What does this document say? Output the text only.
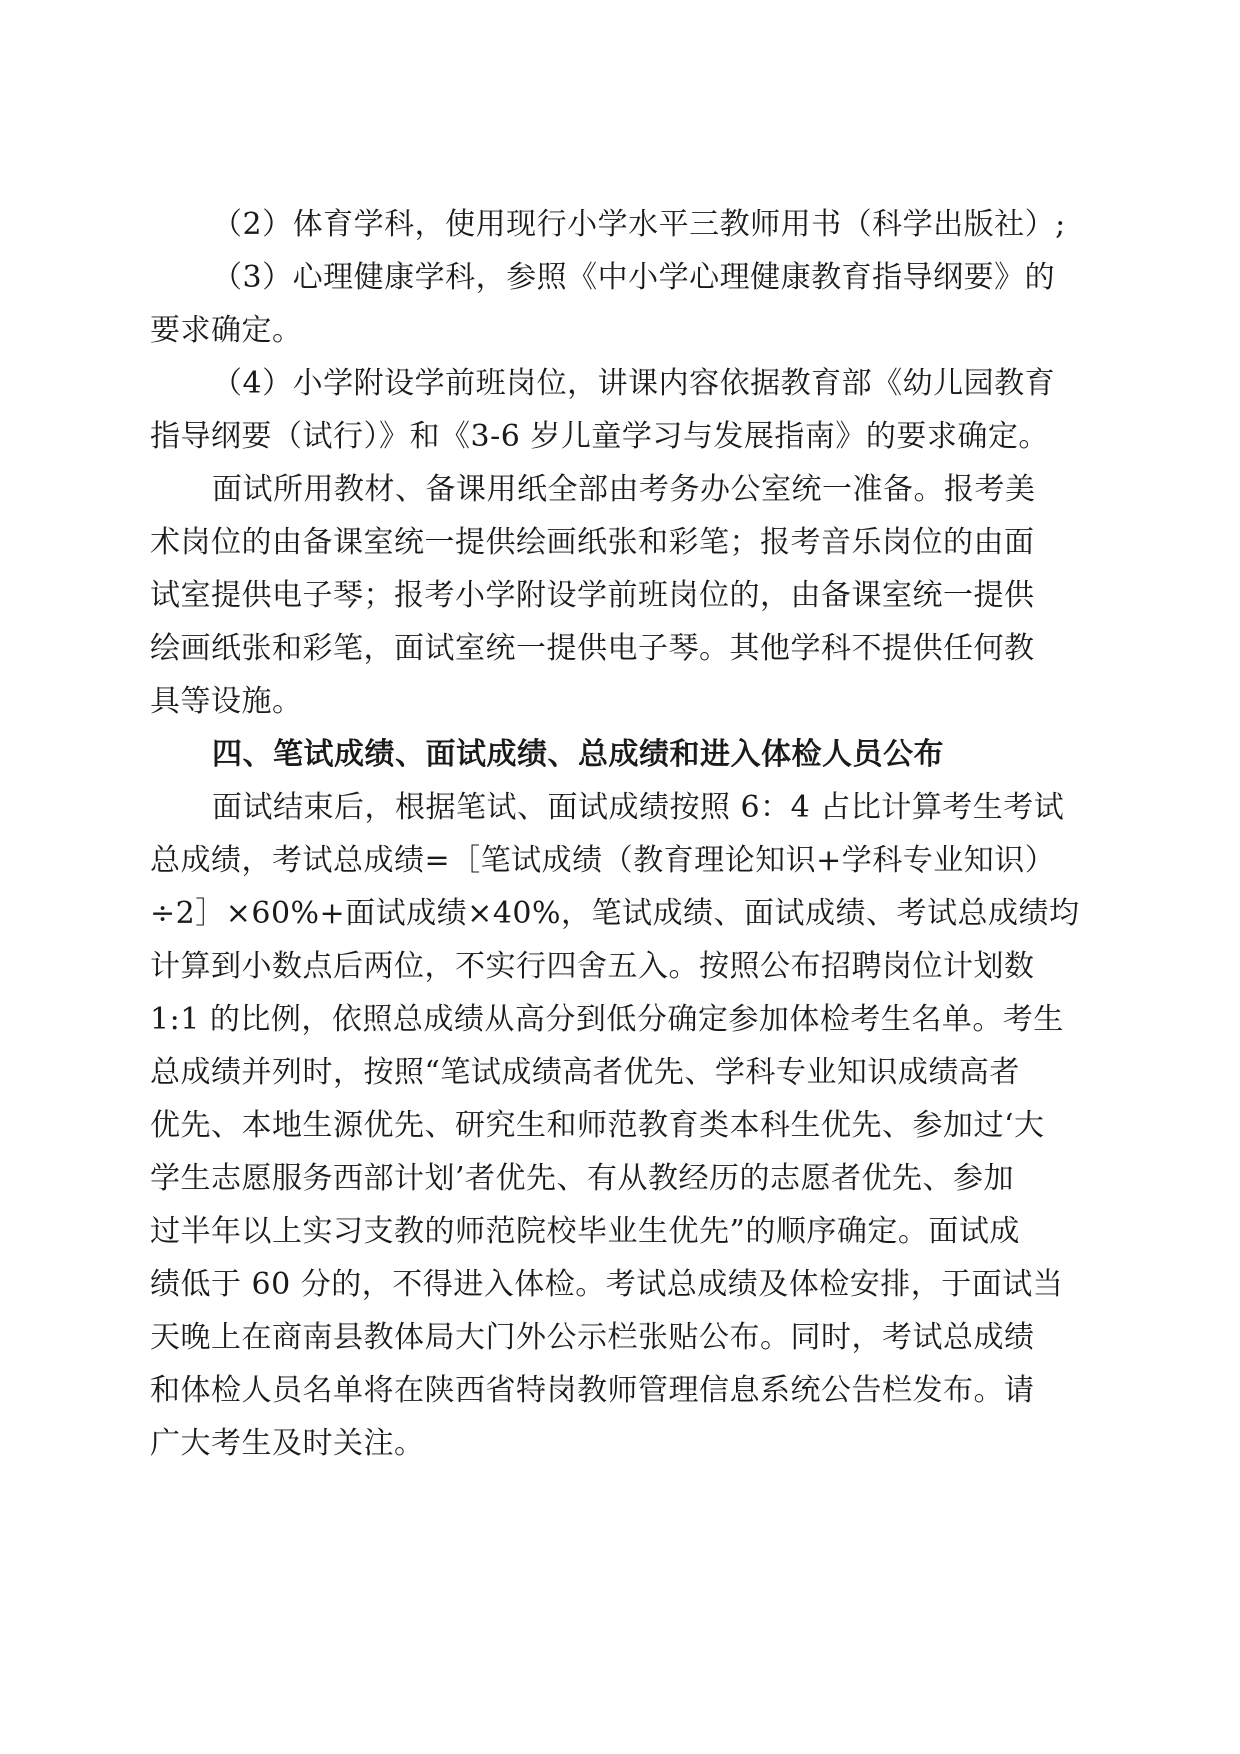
（2）体育学科，使用现行小学水平三教师用书（科学出版社）;
（3）心理健康学科，参照《中小学心理健康教育指导纲要》的
要求确定。
（4）小学附设学前班岗位，讲课内容依据教育部《幼儿园教育
指导纲要（试行）》和《3-6 岁儿童学习与发展指南》的要求确定。
面试所用教材、备课用纸全部由考务办公室统一准备。报考美
术岗位的由备课室统一提供绘画纸张和彩笔；报考音乐岗位的由面
试室提供电子琴；报考小学附设学前班岗位的，由备课室统一提供
绘画纸张和彩笔，面试室统一提供电子琴。其他学科不提供任何教
具等设施。
四、笔试成绩、面试成绩、总成绩和进入体检人员公布
面试结束后，根据笔试、面试成绩按照 6：4 占比计算考生考试
总成绩，考试总成绩=［笔试成绩（教育理论知识+学科专业知识）
÷2］×60%+面试成绩×40%，笔试成绩、面试成绩、考试总成绩均
计算到小数点后两位，不实行四舍五入。按照公布招聘岗位计划数
1:1 的比例，依照总成绩从高分到低分确定参加体检考生名单。考生
总成绩并列时，按照“笔试成绩高者优先、学科专业知识成绩高者
优先、本地生源优先、研究生和师范教育类本科生优先、参加过‘大
学生志愿服务西部计划’者优先、有从教经历的志愿者优先、参加
过半年以上实习支教的师范院校毕业生优先”的顺序确定。面试成
绩低于 60 分的，不得进入体检。考试总成绩及体检安排，于面试当
天晚上在商南县教体局大门外公示栏张贴公布。同时，考试总成绩
和体检人员名单将在陕西省特岗教师管理信息系统公告栏发布。请
广大考生及时关注。
